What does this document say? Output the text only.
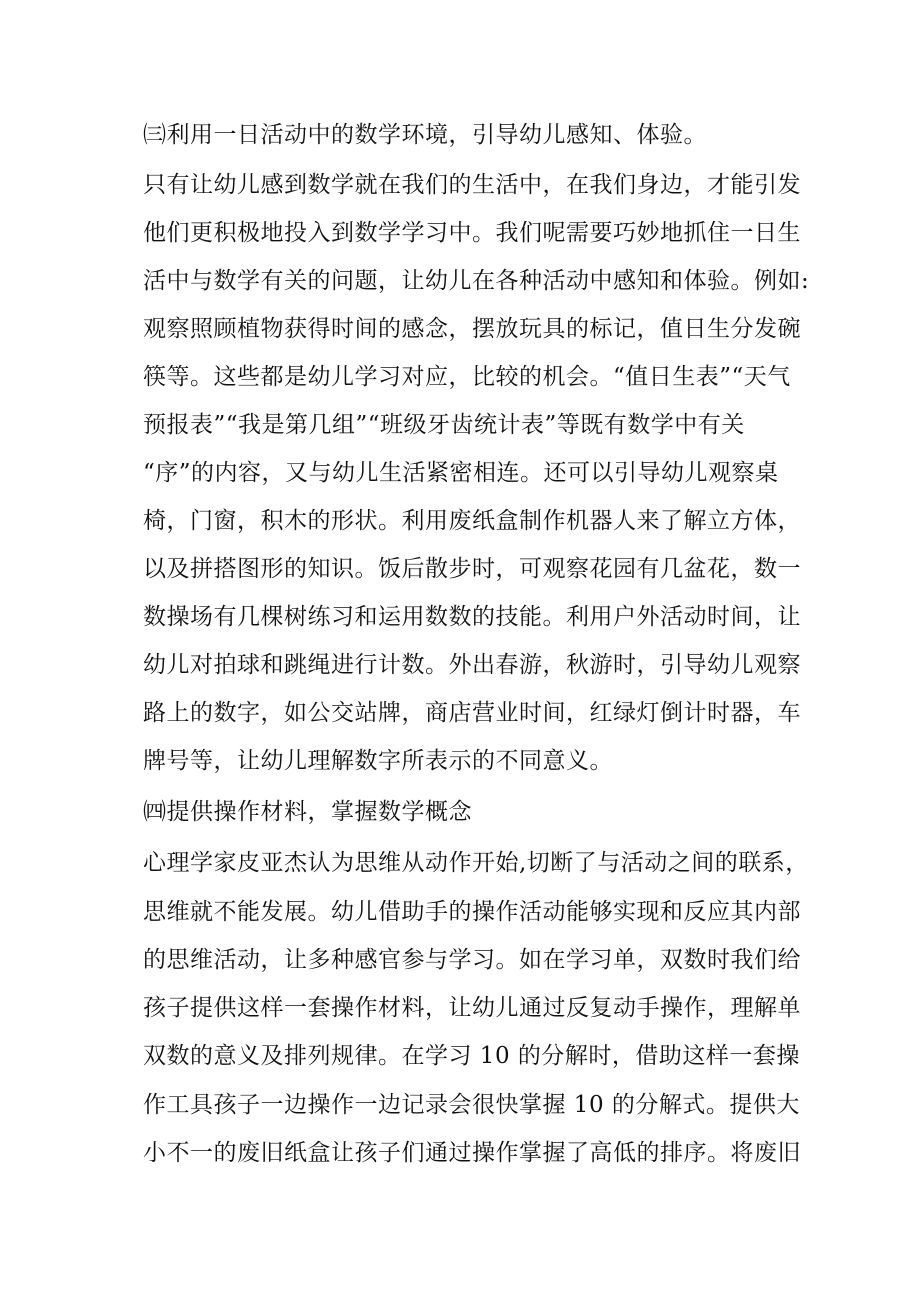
㈢利用一日活动中的数学环境，引导幼儿感知、体验。
只有让幼儿感到数学就在我们的生活中，在我们身边，才能引发
他们更积极地投入到数学学习中。我们呢需要巧妙地抓住一日生
活中与数学有关的问题，让幼儿在各种活动中感知和体验。例如:
观察照顾植物获得时间的感念，摆放玩具的标记，值日生分发碗
筷等。这些都是幼儿学习对应，比较的机会。“值日生表”“天气
预报表”“我是第几组”“班级牙齿统计表”等既有数学中有关
“序”的内容，又与幼儿生活紧密相连。还可以引导幼儿观察桌
椅，门窗，积木的形状。利用废纸盒制作机器人来了解立方体，
以及拼搭图形的知识。饭后散步时，可观察花园有几盆花，数一
数操场有几棵树练习和运用数数的技能。利用户外活动时间，让
幼儿对拍球和跳绳进行计数。外出春游，秋游时，引导幼儿观察
路上的数字，如公交站牌，商店营业时间，红绿灯倒计时器，车
牌号等，让幼儿理解数字所表示的不同意义。
㈣提供操作材料，掌握数学概念
心理学家皮亚杰认为思维从动作开始,切断了与活动之间的联系，
思维就不能发展。幼儿借助手的操作活动能够实现和反应其内部
的思维活动，让多种感官参与学习。如在学习单，双数时我们给
孩子提供这样一套操作材料，让幼儿通过反复动手操作，理解单
双数的意义及排列规律。在学习 10 的分解时，借助这样一套操
作工具孩子一边操作一边记录会很快掌握 10 的分解式。提供大
小不一的废旧纸盒让孩子们通过操作掌握了高低的排序。将废旧
